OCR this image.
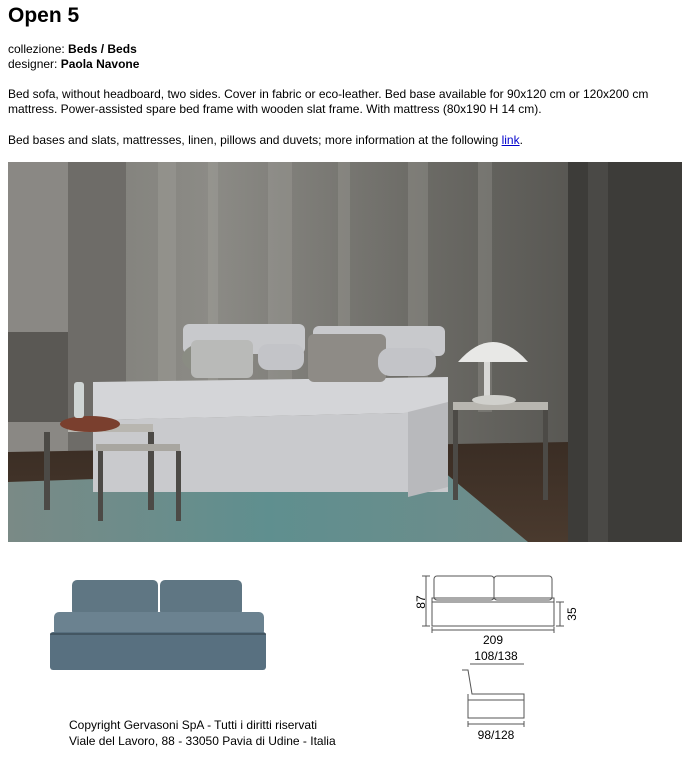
Open 5
collezione: Beds / Beds
designer: Paola Navone

Bed sofa, without headboard, two sides. Cover in fabric or eco-leather. Bed base available for 90x120 cm or 120x200 cm mattress. Power-assisted spare bed frame with wooden slat frame. With mattress (80x190 H 14 cm).

Bed bases and slats, mattresses, linen, pillows and duvets; more information at the following link.

Copyright Gervasoni SpA - Tutti i diritti riservati
Viale del Lavoro, 88 - 33050 Pavia di Udine - Italia
87
35
209
108/138
98/128
